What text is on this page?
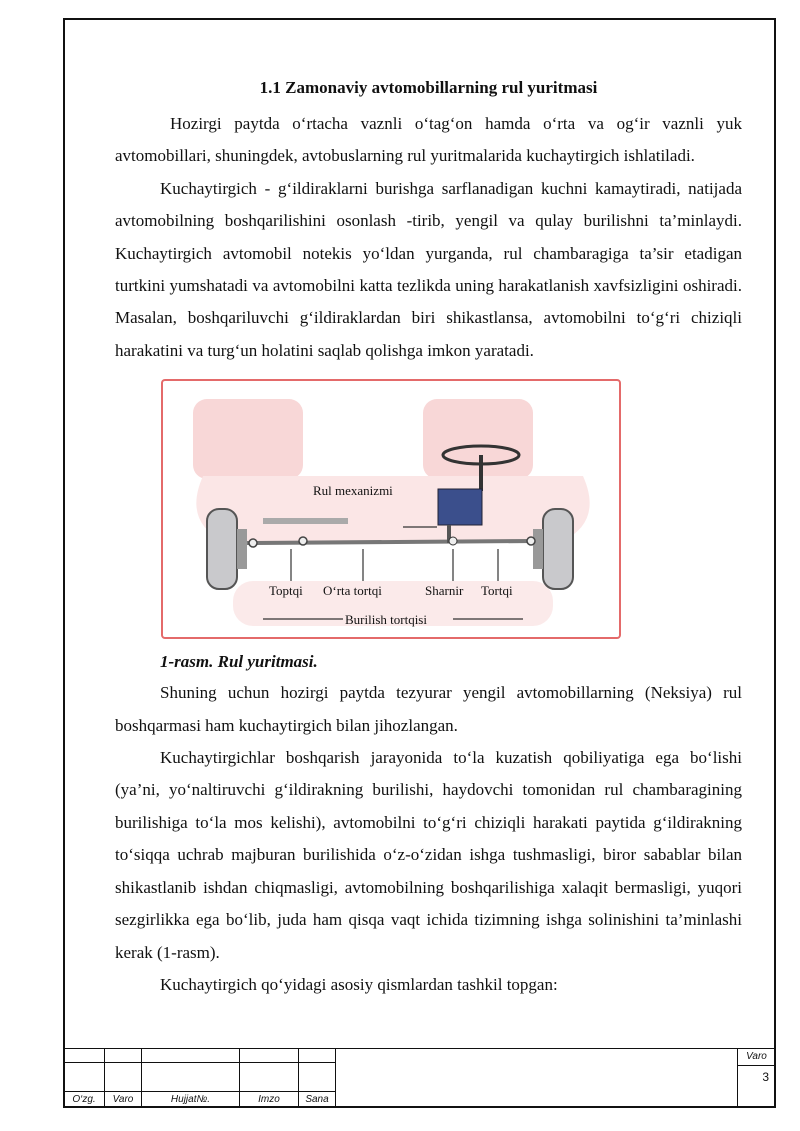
1.1 Zamonaviy avtomobillarning rul yuritmasi

Hozirgi paytda o‘rtacha vaznli o‘tag‘on hamda o‘rta va og‘ir vaznli yuk avtomobillari, shuningdek, avtobuslarning rul yuritmalarida kuchaytirgich ishlatiladi.

Kuchaytirgich - g‘ildiraklarni burishga sarflanadigan kuchni kamaytiradi, natijada avtomobilning boshqarilishini osonlash -tirib, yengil va qulay burilishni ta’minlaydi. Kuchaytirgich avtomobil notekis yo‘ldan yurganda, rul chambaragiga ta’sir etadigan turtkini yumshatadi va avtomobilni katta tezlikda uning harakatlanish xavfsizligini oshiradi. Masalan, boshqariluvchi g‘ildiraklardan biri shikastlansa, avtomobilni to‘g‘ri chiziqli harakatini va turg‘un holatini saqlab qolishga imkon yaratadi.

Rul mexanizmi
Toptqi O‘rta tortqi	Sharnir Tortqi
Burilish tortqisi
1-rasm. Rul yuritmasi.

Shuning uchun hozirgi paytda tezyurar yengil avtomobillarning (Neksiya) rul boshqarmasi ham kuchaytirgich bilan jihozlangan.

Kuchaytirgichlar boshqarish jarayonida to‘la kuzatish qobiliyatiga ega bo‘lishi (ya’ni, yo‘naltiruvchi g‘ildirakning burilishi, haydovchi tomonidan rul chambaragining burilishiga to‘la mos kelishi), avtomobilni to‘g‘ri chiziqli harakati paytida g‘ildirakning to‘siqqa uchrab majburan burilishida o‘z-o‘zidan ishga tushmasligi, biror sabablar bilan shikastlanib ishdan chiqmasligi, avtomobilning boshqarilishiga xalaqit bermasligi, yuqori sezgirlikka ega bo‘lib, juda ham qisqa vaqt ichida tizimning ishga solinishini ta’minlashi kerak (1-rasm).

Kuchaytirgich qo‘yidagi asosiy qismlardan tashkil topgan:

O‘zg.	Varo	Hujjat№.	Imzo	Sana
Varo
3
